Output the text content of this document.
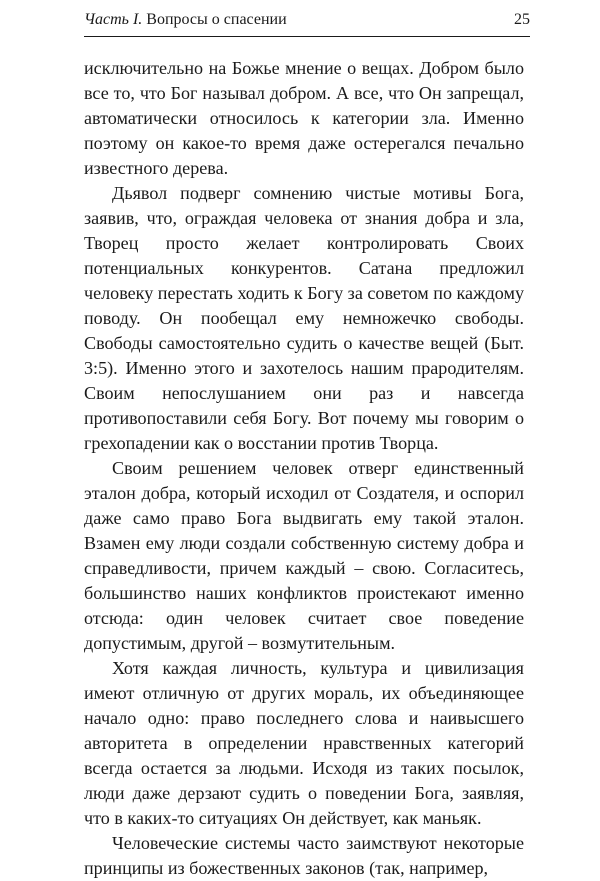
Часть I. Вопросы о спасении	25

исключительно на Божье мнение о вещах. Добром было все то, что Бог называл добром. А все, что Он запрещал, автоматически относилось к категории зла. Именно поэтому он какое-то время даже остерегался печально известного дерева.

Дьявол подверг сомнению чистые мотивы Бога, заявив, что, ограждая человека от знания добра и зла, Творец просто желает контролировать Своих потенциальных конкурентов. Сатана предложил человеку перестать ходить к Богу за советом по каждому поводу. Он пообещал ему немножечко свободы. Свободы самостоятельно судить о качестве вещей (Быт. 3:5). Именно этого и захотелось нашим прародителям. Своим непослушанием они раз и навсегда противопоставили себя Богу. Вот почему мы говорим о грехопадении как о восстании против Творца.

Своим решением человек отверг единственный эталон добра, который исходил от Создателя, и оспорил даже само право Бога выдвигать ему такой эталон. Взамен ему люди создали собственную систему добра и справедливости, причем каждый – свою. Согласитесь, большинство наших конфликтов проистекают именно отсюда: один человек считает свое поведение допустимым, другой – возмутительным.

Хотя каждая личность, культура и цивилизация имеют отличную от других мораль, их объединяющее начало одно: право последнего слова и наивысшего авторитета в определении нравственных категорий всегда остается за людьми. Исходя из таких посылок, люди даже дерзают судить о поведении Бога, заявляя, что в каких-то ситуациях Он действует, как маньяк.

Человеческие системы часто заимствуют некоторые принципы из божественных законов (так, например,
